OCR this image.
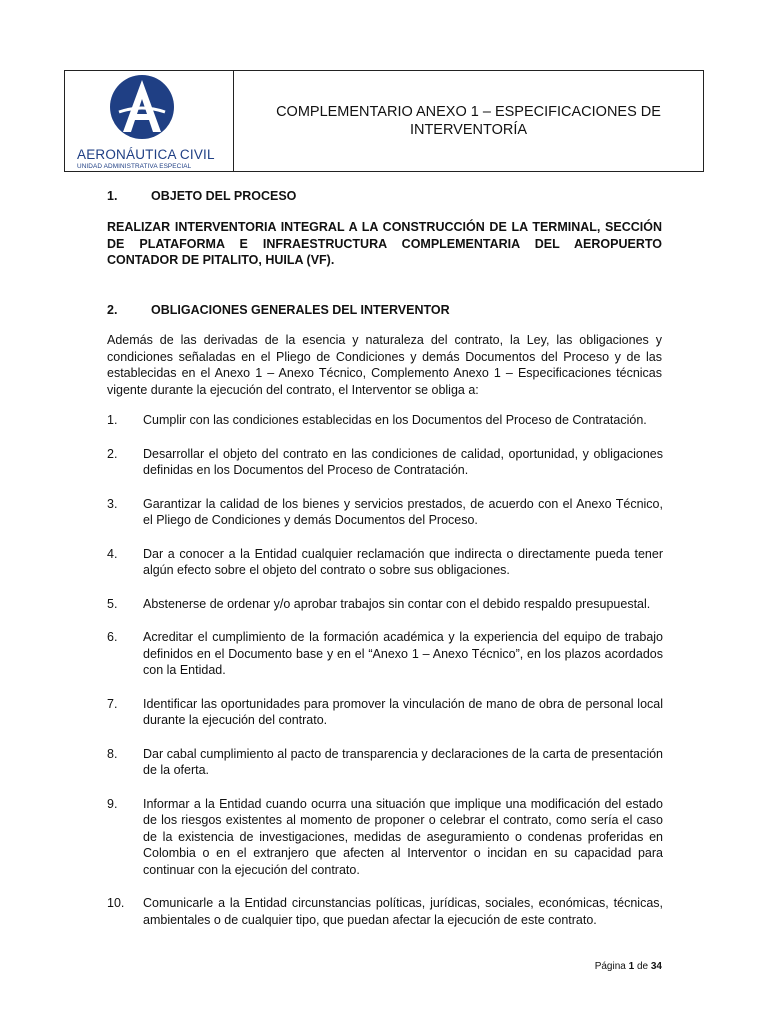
AERONÁUTICA CIVIL
UNIDAD ADMINISTRATIVA ESPECIAL
COMPLEMENTARIO ANEXO 1 – ESPECIFICACIONES DE
INTERVENTORÍA
1.	OBJETO DEL PROCESO
REALIZAR INTERVENTORIA INTEGRAL A LA CONSTRUCCIÓN DE LA TERMINAL, SECCIÓN DE PLATAFORMA E INFRAESTRUCTURA COMPLEMENTARIA DEL AEROPUERTO CONTADOR DE PITALITO, HUILA (VF).
2.	OBLIGACIONES GENERALES DEL INTERVENTOR
Además de las derivadas de la esencia y naturaleza del contrato, la Ley, las obligaciones y condiciones señaladas en el Pliego de Condiciones y demás Documentos del Proceso y de las establecidas en el Anexo 1 – Anexo Técnico, Complemento Anexo 1 – Especificaciones técnicas vigente durante la ejecución del contrato, el Interventor se obliga a:
1.	Cumplir con las condiciones establecidas en los Documentos del Proceso de Contratación.
2.	Desarrollar el objeto del contrato en las condiciones de calidad, oportunidad, y obligaciones definidas en los Documentos del Proceso de Contratación.
3.	Garantizar la calidad de los bienes y servicios prestados, de acuerdo con el Anexo Técnico, el Pliego de Condiciones y demás Documentos del Proceso.
4.	Dar a conocer a la Entidad cualquier reclamación que indirecta o directamente pueda tener algún efecto sobre el objeto del contrato o sobre sus obligaciones.
5.	Abstenerse de ordenar y/o aprobar trabajos sin contar con el debido respaldo presupuestal.
6.	Acreditar el cumplimiento de la formación académica y la experiencia del equipo de trabajo definidos en el Documento base y en el “Anexo 1 – Anexo Técnico”, en los plazos acordados con la Entidad.
7.	Identificar las oportunidades para promover la vinculación de mano de obra de personal local durante la ejecución del contrato.
8.	Dar cabal cumplimiento al pacto de transparencia y declaraciones de la carta de presentación de la oferta.
9.	Informar a la Entidad cuando ocurra una situación que implique una modificación del estado de los riesgos existentes al momento de proponer o celebrar el contrato, como sería el caso de la existencia de investigaciones, medidas de aseguramiento o condenas proferidas en Colombia o en el extranjero que afecten al Interventor o incidan en su capacidad para continuar con la ejecución del contrato.
10.	Comunicarle a la Entidad circunstancias políticas, jurídicas, sociales, económicas, técnicas, ambientales o de cualquier tipo, que puedan afectar la ejecución de este contrato.
Página 1 de 34
